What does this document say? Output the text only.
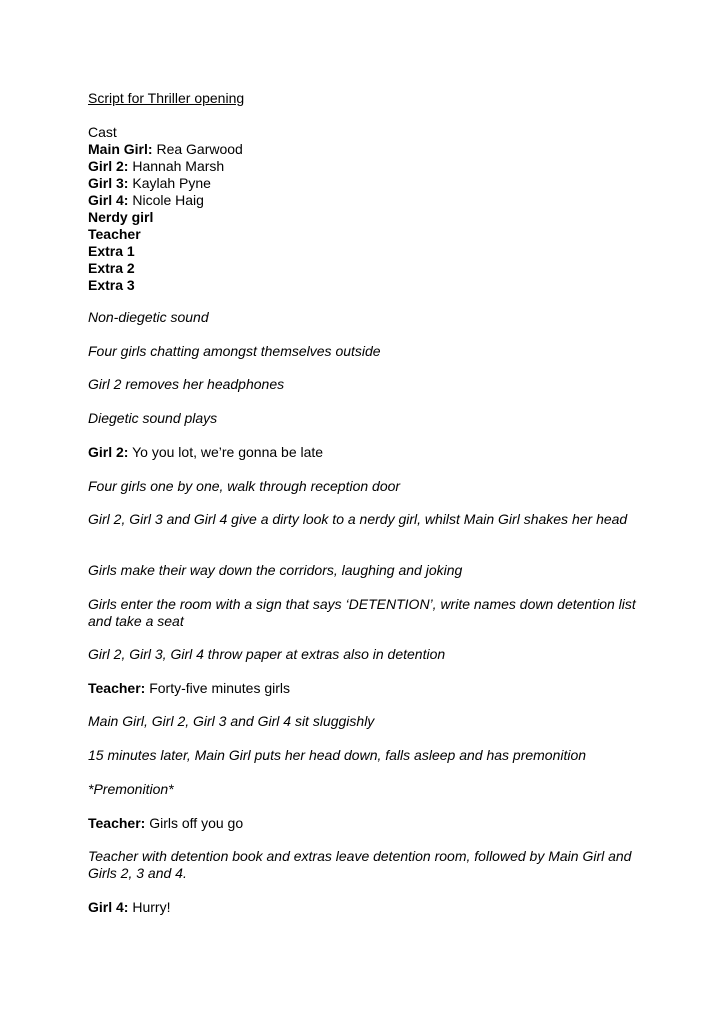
Script for Thriller opening

Cast
Main Girl: Rea Garwood
Girl 2: Hannah Marsh
Girl 3: Kaylah Pyne
Girl 4: Nicole Haig
Nerdy girl
Teacher
Extra 1
Extra 2
Extra 3

Non-diegetic sound

Four girls chatting amongst themselves outside

Girl 2 removes her headphones

Diegetic sound plays

Girl 2: Yo you lot, we’re gonna be late

Four girls one by one, walk through reception door

Girl 2, Girl 3 and Girl 4 give a dirty look to a nerdy girl, whilst Main Girl shakes her head

Girls make their way down the corridors, laughing and joking

Girls enter the room with a sign that says ‘DETENTION’, write names down detention list and take a seat

Girl 2, Girl 3, Girl 4 throw paper at extras also in detention

Teacher: Forty-five minutes girls

Main Girl, Girl 2, Girl 3 and Girl 4 sit sluggishly

15 minutes later, Main Girl puts her head down, falls asleep and has premonition

*Premonition*

Teacher: Girls off you go

Teacher with detention book and extras leave detention room, followed by Main Girl and Girls 2, 3 and 4.

Girl 4: Hurry!
